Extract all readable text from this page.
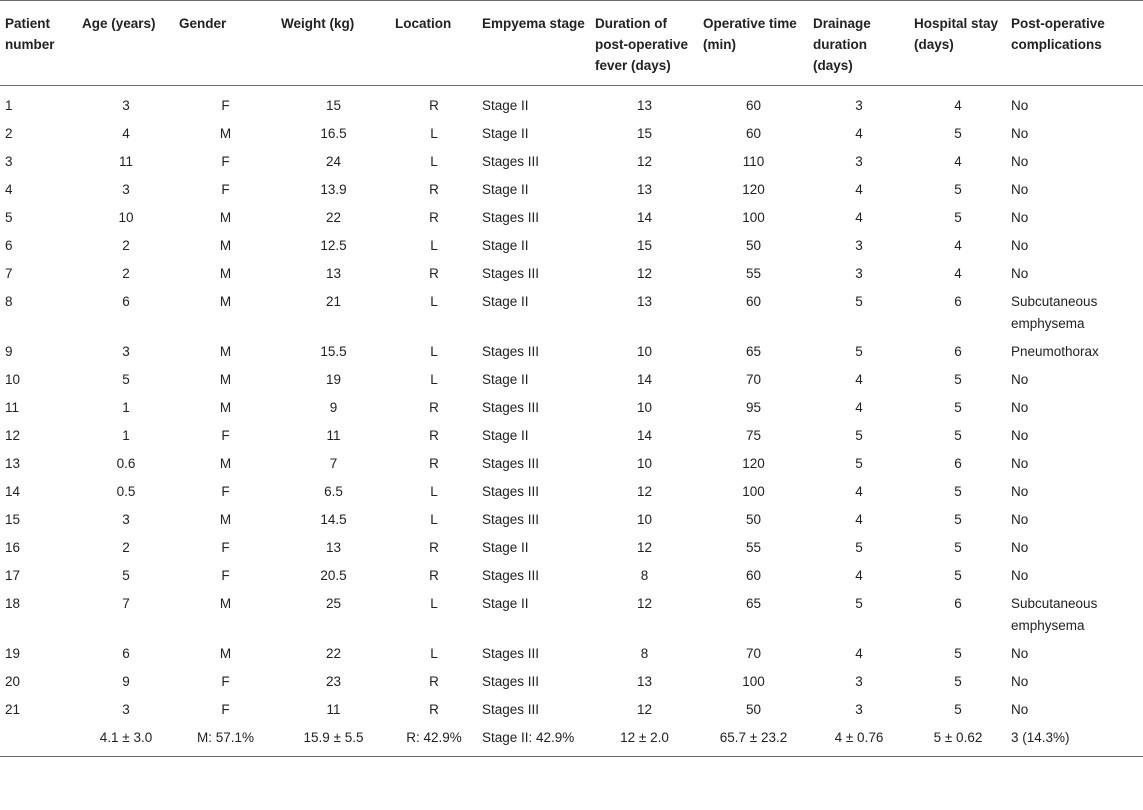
Patient number	Age (years)	Gender	Weight (kg)	Location	Empyema stage	Duration of post-operative fever (days)	Operative time (min)	Drainage duration (days)	Hospital stay (days)	Post-operative complications
1	3	F	15	R	Stage II	13	60	3	4	No
2	4	M	16.5	L	Stage II	15	60	4	5	No
3	11	F	24	L	Stages III	12	110	3	4	No
4	3	F	13.9	R	Stage II	13	120	4	5	No
5	10	M	22	R	Stages III	14	100	4	5	No
6	2	M	12.5	L	Stage II	15	50	3	4	No
7	2	M	13	R	Stages III	12	55	3	4	No
8	6	M	21	L	Stage II	13	60	5	6	Subcutaneous emphysema
9	3	M	15.5	L	Stages III	10	65	5	6	Pneumothorax
10	5	M	19	L	Stage II	14	70	4	5	No
11	1	M	9	R	Stages III	10	95	4	5	No
12	1	F	11	R	Stage II	14	75	5	5	No
13	0.6	M	7	R	Stages III	10	120	5	6	No
14	0.5	F	6.5	L	Stages III	12	100	4	5	No
15	3	M	14.5	L	Stages III	10	50	4	5	No
16	2	F	13	R	Stage II	12	55	5	5	No
17	5	F	20.5	R	Stages III	8	60	4	5	No
18	7	M	25	L	Stage II	12	65	5	6	Subcutaneous emphysema
19	6	M	22	L	Stages III	8	70	4	5	No
20	9	F	23	R	Stages III	13	100	3	5	No
21	3	F	11	R	Stages III	12	50	3	5	No
	4.1 ± 3.0	M: 57.1%	15.9 ± 5.5	R: 42.9%	Stage II: 42.9%	12 ± 2.0	65.7 ± 23.2	4 ± 0.76	5 ± 0.62	3 (14.3%)
